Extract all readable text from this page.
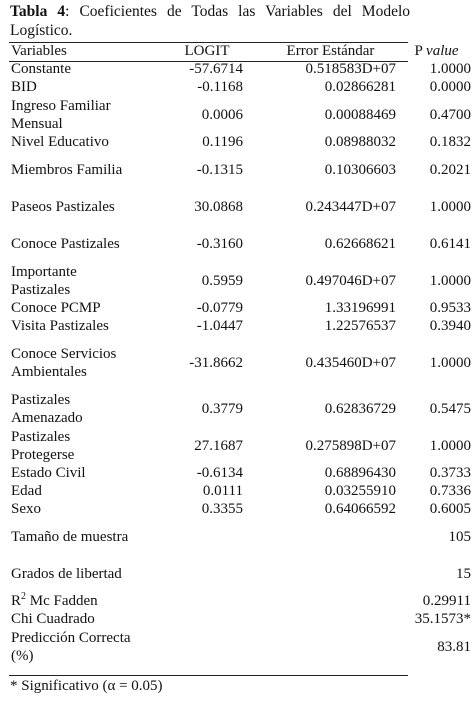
Tabla 4: Coeficientes de Todas las Variables del Modelo Logístico.
Variables	LOGIT	Error Estándar	P value
Constante	-57.6714	0.518583D+07	1.0000
BID	-0.1168	0.02866281	0.0000
Ingreso Familiar Mensual	0.0006	0.00088469	0.4700
Nivel Educativo	0.1196	0.08988032	0.1832
Miembros Familia	-0.1315	0.10306603	0.2021
Paseos Pastizales	30.0868	0.243447D+07	1.0000
Conoce Pastizales	-0.3160	0.62668621	0.6141
Importante Pastizales	0.5959	0.497046D+07	1.0000
Conoce PCMP	-0.0779	1.33196991	0.9533
Visita Pastizales	-1.0447	1.22576537	0.3940
Conoce Servicios Ambientales	-31.8662	0.435460D+07	1.0000
Pastizales Amenazado	0.3779	0.62836729	0.5475
Pastizales Protegerse	27.1687	0.275898D+07	1.0000
Estado Civil	-0.6134	0.68896430	0.3733
Edad	0.0111	0.03255910	0.7336
Sexo	0.3355	0.64066592	0.6005
Tamaño de muestra			105
Grados de libertad			15
$R^2$ Mc Fadden			0.29911
Chi Cuadrado			35.1573*
Predicción Correcta (%)			83.81
* Significativo (α = 0.05)
